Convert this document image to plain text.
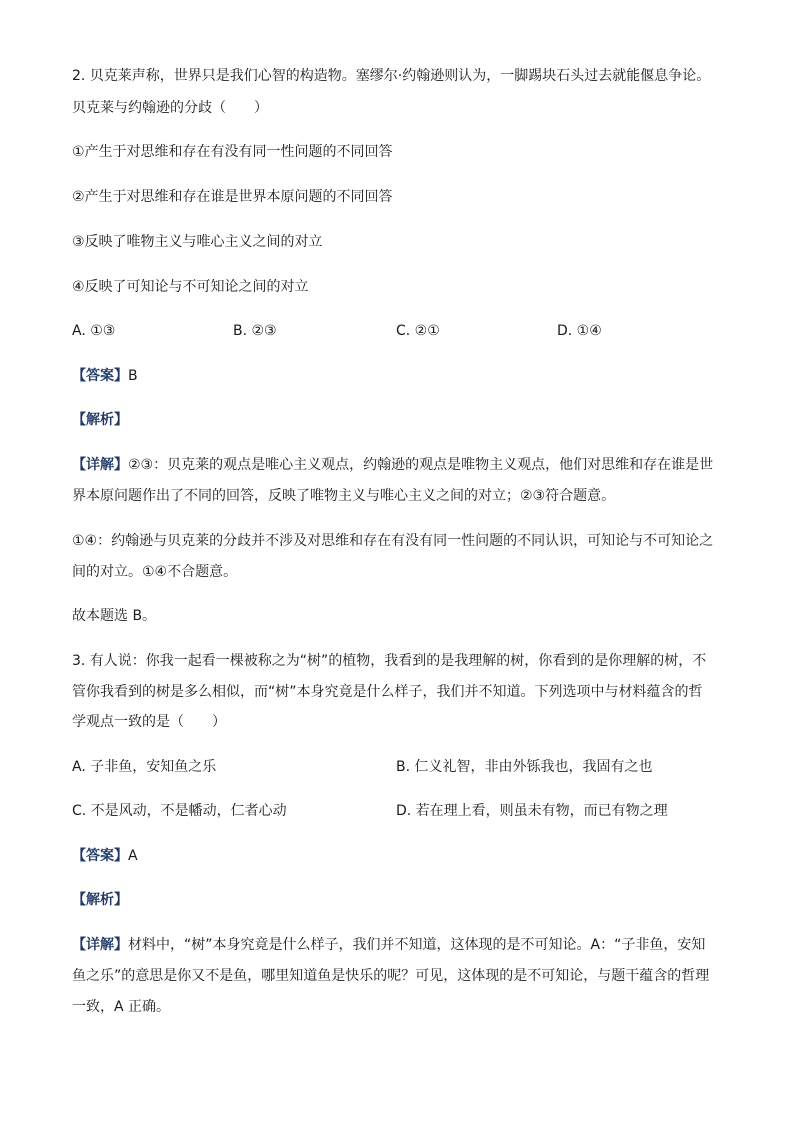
2. 贝克莱声称，世界只是我们心智的构造物。塞缪尔·约翰逊则认为，一脚踢块石头过去就能偃息争论。
贝克莱与约翰逊的分歧（　　）
①产生于对思维和存在有没有同一性问题的不同回答
②产生于对思维和存在谁是世界本原问题的不同回答
③反映了唯物主义与唯心主义之间的对立
④反映了可知论与不可知论之间的对立
A. ①③	B. ②③	C. ②①	D. ①④
【答案】B
【解析】
【详解】②③：贝克莱的观点是唯心主义观点，约翰逊的观点是唯物主义观点，他们对思维和存在谁是世
界本原问题作出了不同的回答，反映了唯物主义与唯心主义之间的对立；②③符合题意。
①④：约翰逊与贝克莱的分歧并不涉及对思维和存在有没有同一性问题的不同认识，可知论与不可知论之
间的对立。①④不合题意。
故本题选 B。
3. 有人说：你我一起看一棵被称之为“树”的植物，我看到的是我理解的树，你看到的是你理解的树，不
管你我看到的树是多么相似，而“树”本身究竟是什么样子，我们并不知道。下列选项中与材料蕴含的哲
学观点一致的是（　　）
A. 子非鱼，安知鱼之乐	B. 仁义礼智，非由外铄我也，我固有之也
C. 不是风动，不是幡动，仁者心动	D. 若在理上看，则虽未有物，而已有物之理
【答案】A
【解析】
【详解】材料中，“树”本身究竟是什么样子，我们并不知道，这体现的是不可知论。A：“子非鱼，安知
鱼之乐”的意思是你又不是鱼，哪里知道鱼是快乐的呢？可见，这体现的是不可知论，与题干蕴含的哲理
一致，A 正确。
